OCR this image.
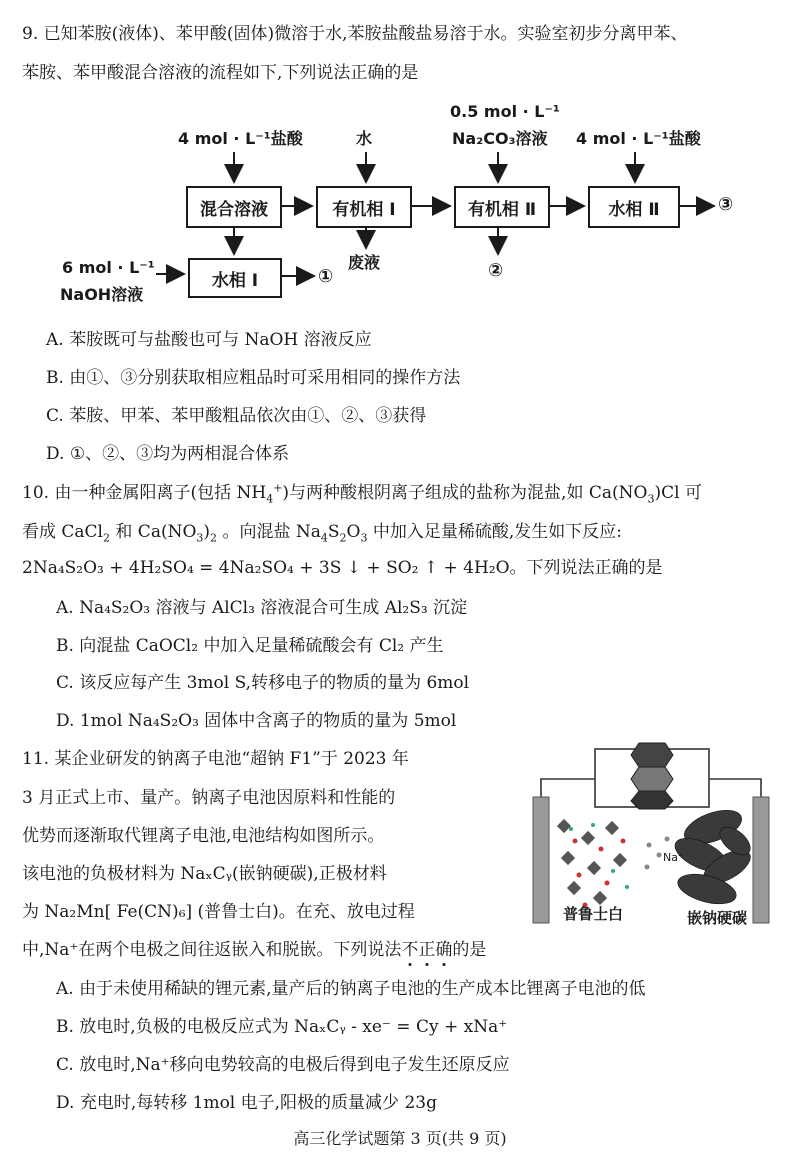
9. 已知苯胺(液体)、苯甲酸(固体)微溶于水,苯胺盐酸盐易溶于水。实验室初步分离甲苯、
苯胺、苯甲酸混合溶液的流程如下,下列说法正确的是
4 mol · L⁻¹盐酸	水
0.5 mol · L⁻¹
Na₂CO₃溶液 4 mol · L⁻¹盐酸
混合溶液	有机相 I	有机相 Ⅱ	水相 Ⅱ	③
水相 I	①
6 mol · L⁻¹
NaOH溶液
废液	②
A. 苯胺既可与盐酸也可与 NaOH 溶液反应
B. 由①、③分别获取相应粗品时可采用相同的操作方法
C. 苯胺、甲苯、苯甲酸粗品依次由①、②、③获得
D. ①、②、③均为两相混合体系
10. 由一种金属阳离子(包括 $NH_4^+$)与两种酸根阴离子组成的盐称为混盐,如 $Ca(NO_3)Cl$ 可
看成 CaCl$_2$ 和 $Ca(NO_3)_2$ 。向混盐 $Na_4S_2O_3$ 中加入足量稀硫酸,发生如下反应:
2Na₄S₂O₃ + 4H₂SO₄ = 4Na₂SO₄ + 3S ↓ + SO₂ ↑ + 4H₂O。下列说法正确的是
A. Na₄S₂O₃ 溶液与 AlCl₃ 溶液混合可生成 Al₂S₃ 沉淀
B. 向混盐 CaOCl₂ 中加入足量稀硫酸会有 Cl₂ 产生
C. 该反应每产生 3mol S,转移电子的物质的量为 6mol
D. 1mol Na₄S₂O₃ 固体中含离子的物质的量为 5mol
11. 某企业研发的钠离子电池“超钠 F1”于 2023 年
3 月正式上市、量产。钠离子电池因原料和性能的
优势而逐渐取代锂离子电池,电池结构如图所示。
该电池的负极材料为 NaₓCᵧ(嵌钠硬碳),正极材料
为 Na₂Mn[ Fe(CN)₆] (普鲁士白)。在充、放电过程
中,Na⁺在两个电极之间往返嵌入和脱嵌。下列说法不
正
确
的是
Na⁺
普鲁士白	嵌钠硬碳
A. 由于未使用稀缺的锂元素,量产后的钠离子电池的生产成本比锂离子电池的低
B. 放电时,负极的电极反应式为 NaₓCᵧ - xe⁻ = Cy + xNa⁺
C. 放电时,Na⁺移向电势较高的电极后得到电子发生还原反应
D. 充电时,每转移 1mol 电子,阳极的质量减少 23g
高三化学试题第 3 页(共 9 页)
